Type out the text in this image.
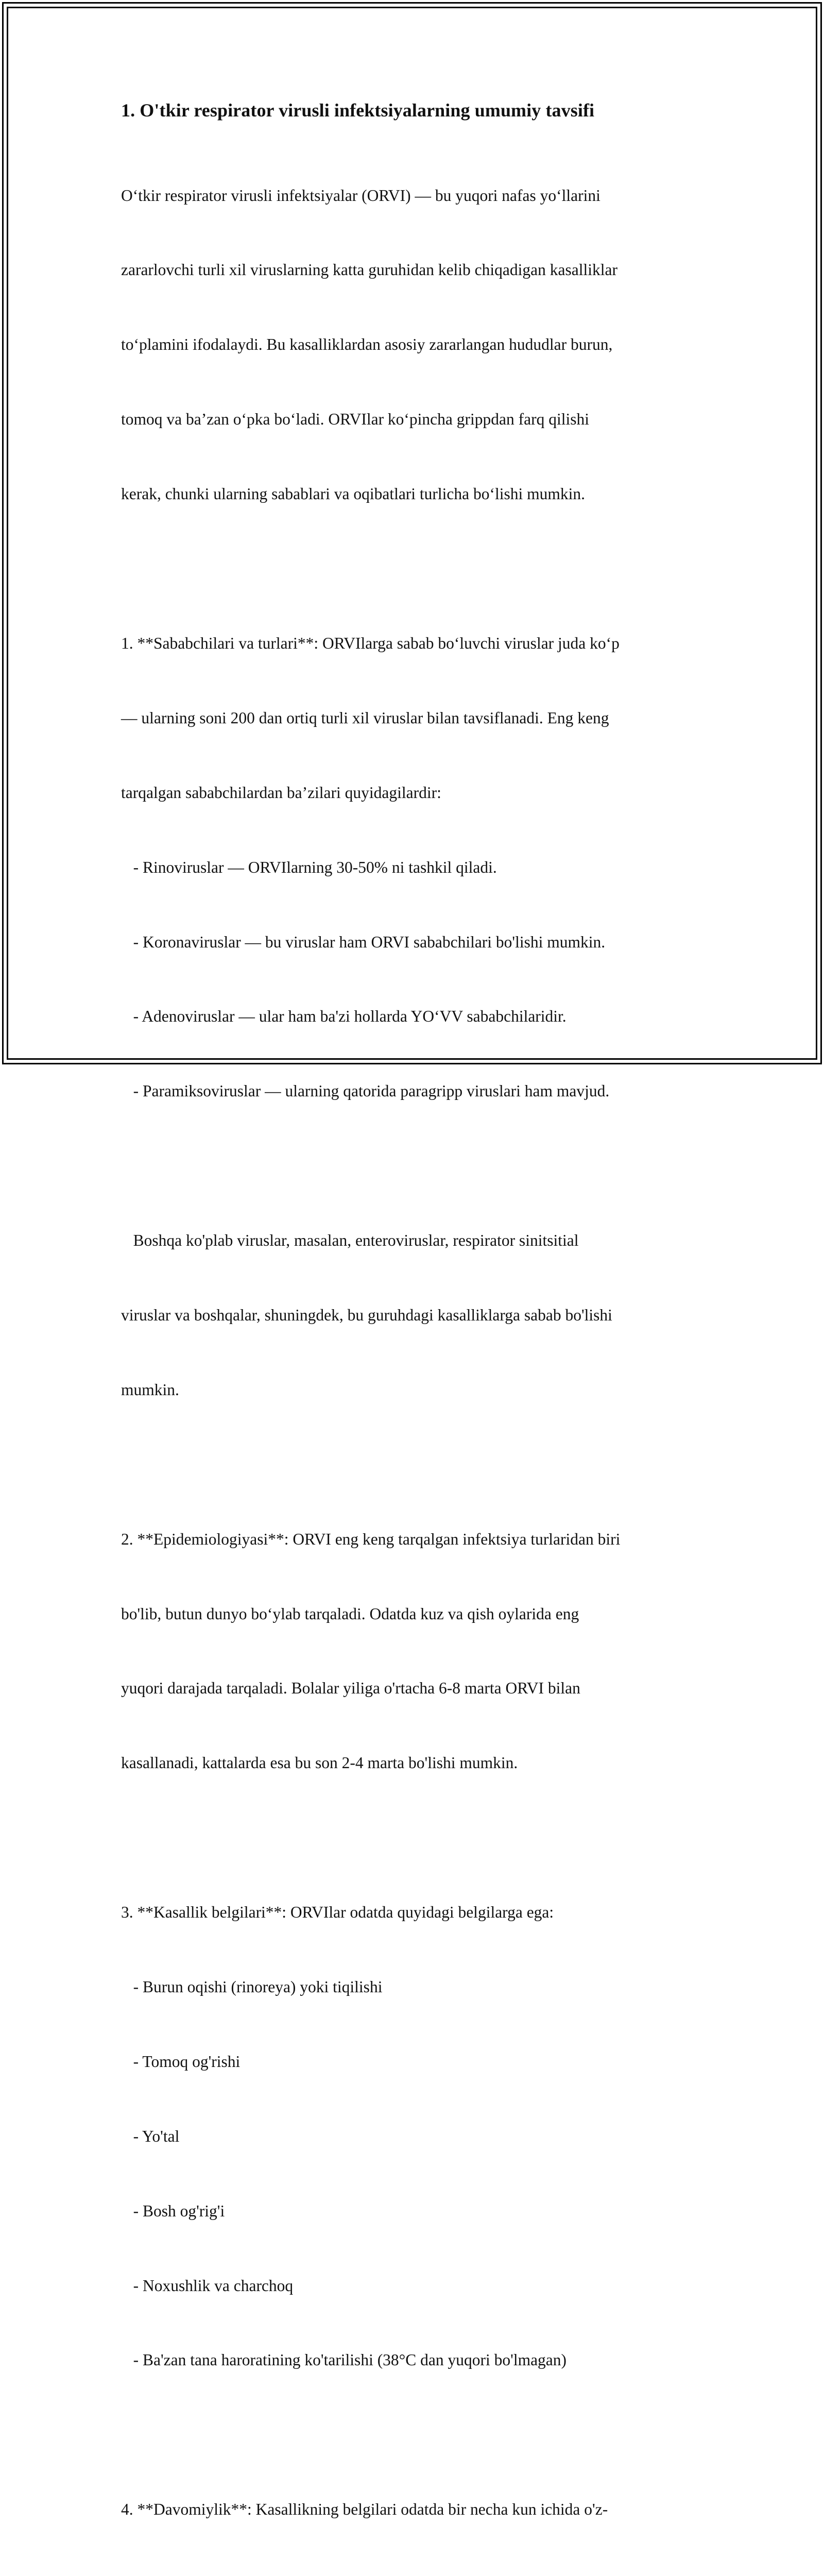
1. O'tkir respirator virusli infektsiyalarning umumiy tavsifi

O‘tkir respirator virusli infektsiyalar (ORVI) — bu yuqori nafas yo‘llarini

zararlovchi turli xil viruslarning katta guruhidan kelib chiqadigan kasalliklar

to‘plamini ifodalaydi. Bu kasalliklardan asosiy zararlangan hududlar burun,

tomoq va ba’zan o‘pka bo‘ladi. ORVIlar ko‘pincha grippdan farq qilishi

kerak, chunki ularning sabablari va oqibatlari turlicha bo‘lishi mumkin.

1. **Sababchilari va turlari**: ORVIlarga sabab bo‘luvchi viruslar juda ko‘p

— ularning soni 200 dan ortiq turli xil viruslar bilan tavsiflanadi. Eng keng

tarqalgan sababchilardan ba’zilari quyidagilardir:

- Rinoviruslar — ORVIlarning 30-50% ni tashkil qiladi.

- Koronaviruslar — bu viruslar ham ORVI sababchilari bo'lishi mumkin.

- Adenoviruslar — ular ham ba'zi hollarda YO‘VV sababchilaridir.

- Paramiksoviruslar — ularning qatorida paragripp viruslari ham mavjud.

Boshqa ko'plab viruslar, masalan, enteroviruslar, respirator sinitsitial

viruslar va boshqalar, shuningdek, bu guruhdagi kasalliklarga sabab bo'lishi

mumkin.

2. **Epidemiologiyasi**: ORVI eng keng tarqalgan infektsiya turlaridan biri

bo'lib, butun dunyo bo‘ylab tarqaladi. Odatda kuz va qish oylarida eng

yuqori darajada tarqaladi. Bolalar yiliga o'rtacha 6-8 marta ORVI bilan

kasallanadi, kattalarda esa bu son 2-4 marta bo'lishi mumkin.

3. **Kasallik belgilari**: ORVIlar odatda quyidagi belgilarga ega:

- Burun oqishi (rinoreya) yoki tiqilishi

- Tomoq og'rishi

- Yo'tal

- Bosh og'rig'i

- Noxushlik va charchoq

- Ba'zan tana haroratining ko'tarilishi (38°C dan yuqori bo'lmagan)

4. **Davomiylik**: Kasallikning belgilari odatda bir necha kun ichida o'z-
